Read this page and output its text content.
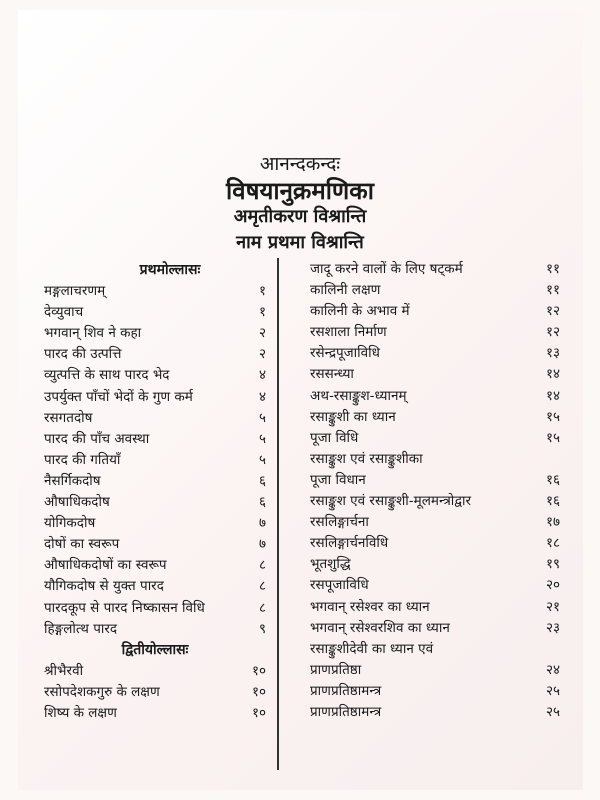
आनन्दकन्दः
विषयानुक्रमणिका
अमृतीकरण विश्रान्ति
नाम प्रथमा विश्रान्ति
प्रथमोल्लासः
मङ्गलाचरणम्	१
देव्युवाच	१
भगवान् शिव ने कहा	२
पारद की उत्पत्ति	२
व्युत्पत्ति के साथ पारद भेद	४
उपर्युक्त पाँचों भेदों के गुण कर्म	४
रसगतदोष	५
पारद की पाँच अवस्था	५
पारद की गतियाँ	५
नैसर्गिकदोष	६
औषाधिकदोष	६
योगिकदोष	७
दोषों का स्वरूप	७
औषाधिकदोषों का स्वरूप	८
यौगिकदोष से युक्त पारद	८
पारदकूप से पारद निष्कासन विधि	८
हिङ्गलोत्थ पारद	९
द्वितीयोल्लासः
श्रीभैरवी	१०
रसोपदेशकगुरु के लक्षण	१०
शिष्य के लक्षण	१०
जादू करने वालों के लिए षट्कर्म	११
कालिनी लक्षण	११
कालिनी के अभाव में	१२
रसशाला निर्माण	१२
रसेन्द्रपूजाविधि	१३
रससन्ध्या	१४
अथ-रसाङ्कुश-ध्यानम्	१४
रसाङ्कुशी का ध्यान	१५
पूजा विधि	१५
रसाङ्कुश एवं रसाङ्कुशीका
पूजा विधान	१६
रसाङ्कुश एवं रसाङ्कुशी-मूलमन्त्रोद्वार	१६
रसलिङ्गार्चना	१७
रसलिङ्गार्चनविधि	१८
भूतशुद्धि	१९
रसपूजाविधि	२०
भगवान् रसेश्वर का ध्यान	२१
भगवान् रसेश्वरशिव का ध्यान	२३
रसाङ्कुशीदेवी का ध्यान एवं
प्राणप्रतिष्ठा	२४
प्राणप्रतिष्ठामन्त्र	२५
प्राणप्रतिष्ठामन्त्र	२५
